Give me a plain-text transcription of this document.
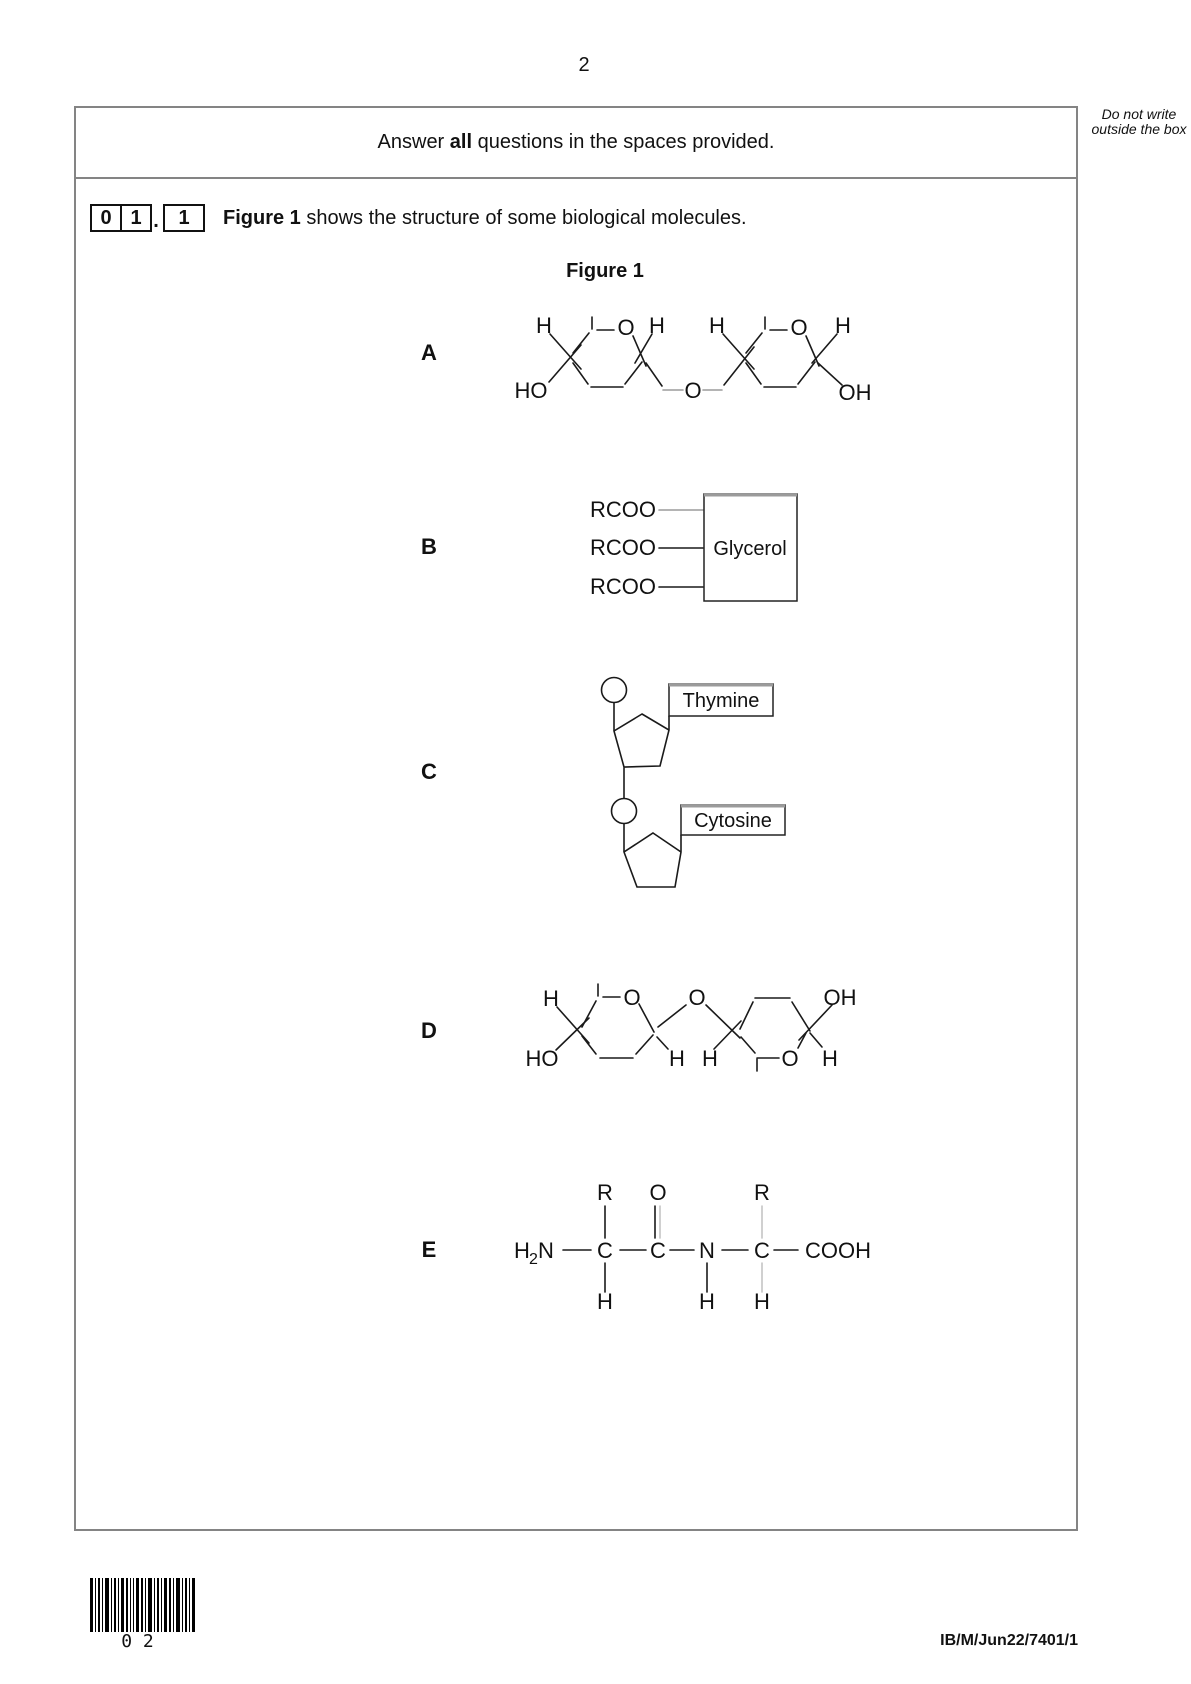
2
Do not write outside the box
Answer
all
questions in the spaces provided.
0 1 . 1	Figure 1 shows the structure of some biological molecules.
Figure 1
A
B
C
D
E
H	O H
HO	O
H	O H
OH
RCOO
RCOO
RCOO
Glycerol
Thymine
Cytosine
H	O O	OH
HO	H H	O H
R O	R
H 2 N C C N C COOH
H	H H
0 2	IB/M/Jun22/7401/1
